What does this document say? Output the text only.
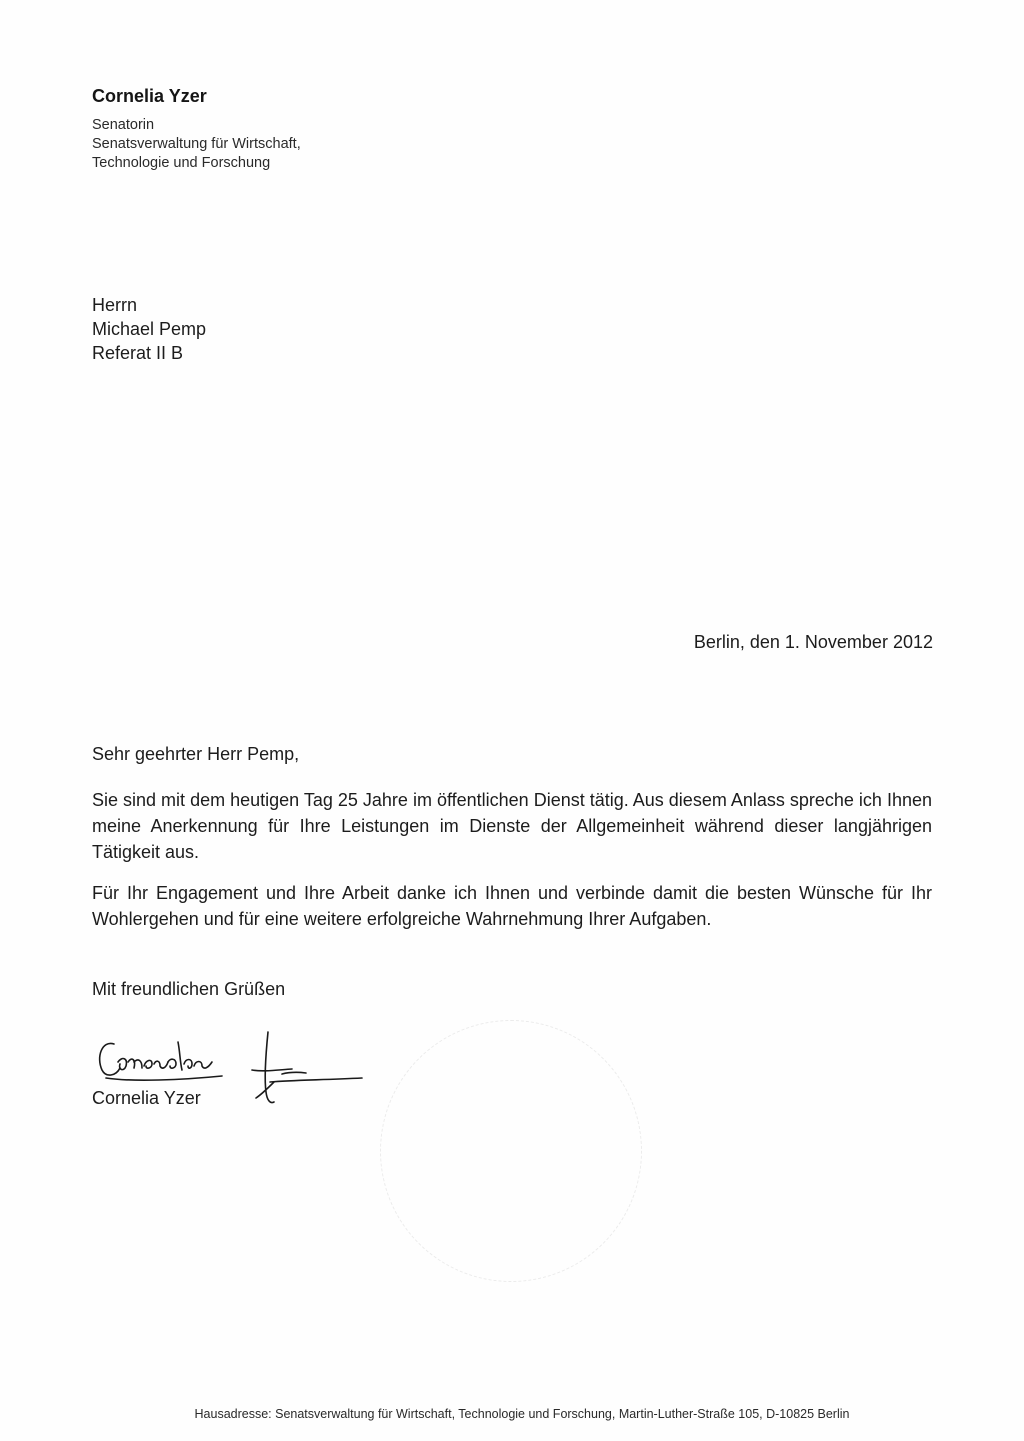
Cornelia Yzer
Senatorin
Senatsverwaltung für Wirtschaft,
Technologie und Forschung
Herrn
Michael Pemp
Referat II B
Berlin, den 1. November 2012
Sehr geehrter Herr Pemp,

Sie sind mit dem heutigen Tag 25 Jahre im öffentlichen Dienst tätig. Aus diesem Anlass spreche ich Ihnen meine Anerkennung für Ihre Leistungen im Dienste der Allgemeinheit während dieser langjährigen Tätigkeit aus.

Für Ihr Engagement und Ihre Arbeit danke ich Ihnen und verbinde damit die besten Wünsche für Ihr Wohlergehen und für eine weitere erfolgreiche Wahrnehmung Ihrer Aufgaben.

Mit freundlichen Grüßen
Cornelia Yzer
Hausadresse: Senatsverwaltung für Wirtschaft, Technologie und Forschung, Martin-Luther-Straße 105, D-10825 Berlin
